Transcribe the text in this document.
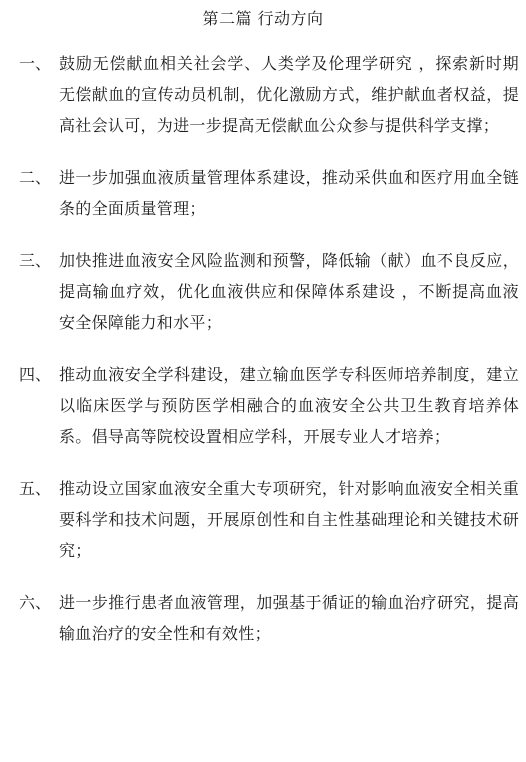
第二篇 行动方向
一、 鼓励无偿献血相关社会学、人类学及伦理学研究 ，探索新时期无偿献血的宣传动员机制，优化激励方式，维护献血者权益，提高社会认可，为进一步提高无偿献血公众参与提供科学支撑；
二、 进一步加强血液质量管理体系建设，推动采供血和医疗用血全链条的全面质量管理；
三、 加快推进血液安全风险监测和预警，降低输（献）血不良反应，提高输血疗效，优化血液供应和保障体系建设 ，不断提高血液安全保障能力和水平；
四、 推动血液安全学科建设，建立输血医学专科医师培养制度，建立以临床医学与预防医学相融合的血液安全公共卫生教育培养体系。倡导高等院校设置相应学科，开展专业人才培养；
五、 推动设立国家血液安全重大专项研究，针对影响血液安全相关重要科学和技术问题，开展原创性和自主性基础理论和关键技术研究；
六、 进一步推行患者血液管理，加强基于循证的输血治疗研究，提高输血治疗的安全性和有效性；
